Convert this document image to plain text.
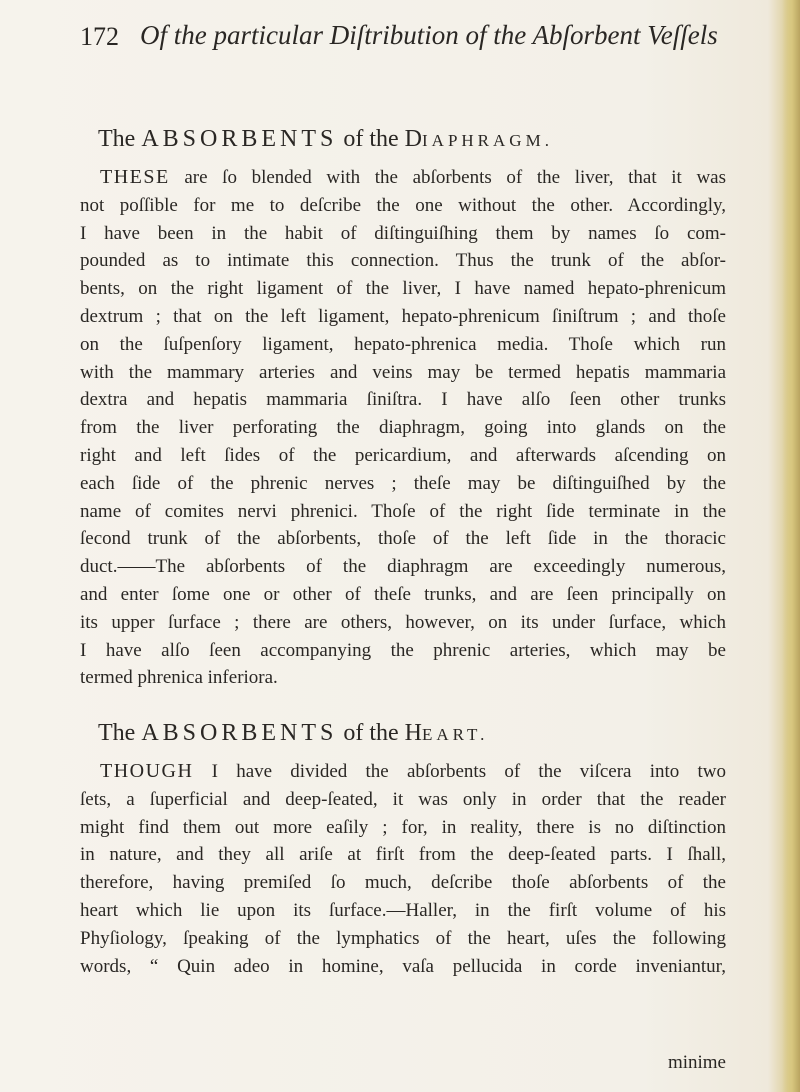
172 Of the particular Diſtribution of the Abſorbent Veſſels
The ABSORBENTS of the DIAPHRAGM.
THESE are ſo blended with the abſorbents of the liver, that it was
not poſſible for me to deſcribe the one without the other. Accordingly,
I have been in the habit of diſtinguiſhing them by names ſo com-
pounded as to intimate this connection. Thus the trunk of the abſor-
bents, on the right ligament of the liver, I have named hepato-phrenicum
dextrum ; that on the left ligament, hepato-phrenicum ſiniſtrum ; and thoſe
on the ſuſpenſory ligament, hepato-phrenica media. Thoſe which run
with the mammary arteries and veins may be termed hepatis mammaria
dextra and hepatis mammaria ſiniſtra. I have alſo ſeen other trunks
from the liver perforating the diaphragm, going into glands on the
right and left ſides of the pericardium, and afterwards aſcending on
each ſide of the phrenic nerves ; theſe may be diſtinguiſhed by the
name of comites nervi phrenici. Thoſe of the right ſide terminate in the
ſecond trunk of the abſorbents, thoſe of the left ſide in the thoracic
duct.——The abſorbents of the diaphragm are exceedingly numerous,
and enter ſome one or other of theſe trunks, and are ſeen principally on
its upper ſurface ; there are others, however, on its under ſurface, which
I have alſo ſeen accompanying the phrenic arteries, which may be
termed phrenica inferiora.
The ABSORBENTS of the HEART.
THOUGH I have divided the abſorbents of the viſcera into two
ſets, a ſuperficial and deep-ſeated, it was only in order that the reader
might find them out more eaſily ; for, in reality, there is no diſtinction
in nature, and they all ariſe at firſt from the deep-ſeated parts. I ſhall,
therefore, having premiſed ſo much, deſcribe thoſe abſorbents of the
heart which lie upon its ſurface.—Haller, in the firſt volume of his
Phyſiology, ſpeaking of the lymphatics of the heart, uſes the following
words, “ Quin adeo in homine, vaſa pellucida in corde inveniantur,
minime
